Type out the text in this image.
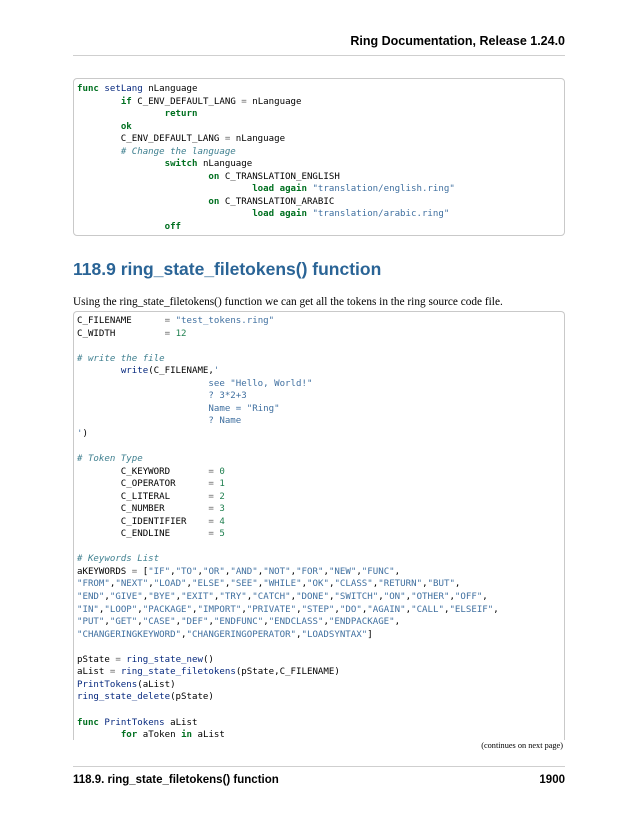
Ring Documentation, Release 1.24.0
func setLang nLanguage
if C_ENV_DEFAULT_LANG = nLanguage
return
ok
C_ENV_DEFAULT_LANG = nLanguage
# Change the language
switch nLanguage
on C_TRANSLATION_ENGLISH
load again "translation/english.ring"
on C_TRANSLATION_ARABIC
load again "translation/arabic.ring"
off
118.9 ring_state_filetokens() function
Using the ring_state_filetokens() function we can get all the tokens in the ring source code file.
C_FILENAME      = "test_tokens.ring"
C_WIDTH         = 12
# write the file
write(C_FILENAME,'
see "Hello, World!"
? 3*2+3
Name = "Ring"
? Name
')
# Token Type
C_KEYWORD       = 0
C_OPERATOR      = 1
C_LITERAL       = 2
C_NUMBER        = 3
C_IDENTIFIER    = 4
C_ENDLINE       = 5
# Keywords List
aKEYWORDS = ["IF","TO","OR","AND","NOT","FOR","NEW","FUNC",
"FROM","NEXT","LOAD","ELSE","SEE","WHILE","OK","CLASS","RETURN","BUT",
"END","GIVE","BYE","EXIT","TRY","CATCH","DONE","SWITCH","ON","OTHER","OFF",
"IN","LOOP","PACKAGE","IMPORT","PRIVATE","STEP","DO","AGAIN","CALL","ELSEIF",
"PUT","GET","CASE","DEF","ENDFUNC","ENDCLASS","ENDPACKAGE",
"CHANGERINGKEYWORD","CHANGERINGOPERATOR","LOADSYNTAX"]
pState = ring_state_new()
aList = ring_state_filetokens(pState,C_FILENAME)
PrintTokens(aList)
ring_state_delete(pState)
func PrintTokens aList
for aToken in aList
(continues on next page)
118.9. ring_state_filetokens() function	1900
